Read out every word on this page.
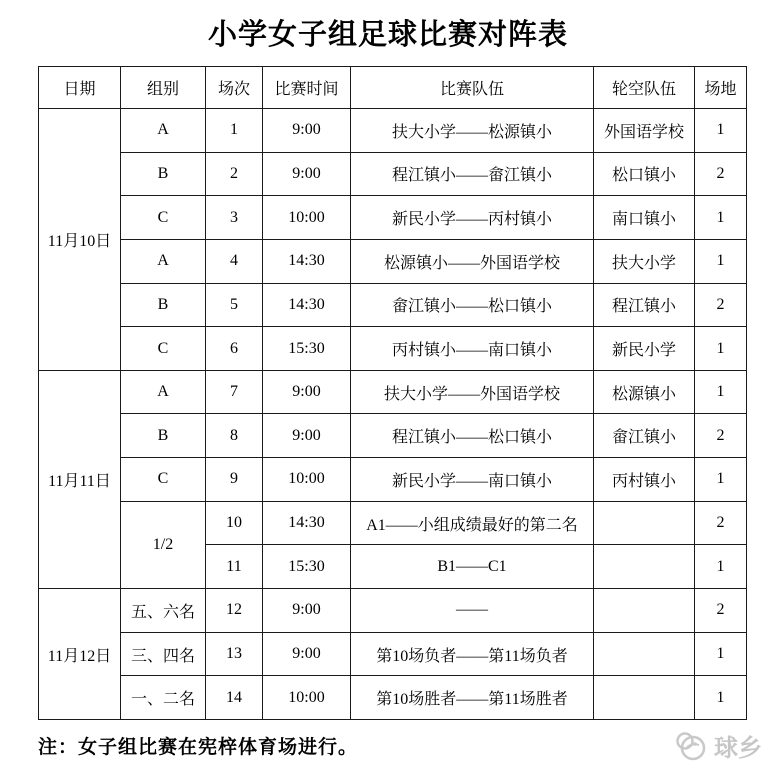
小学女子组足球比赛对阵表
日期	组别	场次	比赛时间	比赛队伍	轮空队伍	场地
11月10日	A	1	9:00	扶大小学——松源镇小	外国语学校	1
	B	2	9:00	程江镇小——畲江镇小	松口镇小	2
	C	3	10:00	新民小学——丙村镇小	南口镇小	1
	A	4	14:30	松源镇小——外国语学校	扶大小学	1
	B	5	14:30	畲江镇小——松口镇小	程江镇小	2
	C	6	15:30	丙村镇小——南口镇小	新民小学	1
11月11日	A	7	9:00	扶大小学——外国语学校	松源镇小	1
	B	8	9:00	程江镇小——松口镇小	畲江镇小	2
	C	9	10:00	新民小学——南口镇小	丙村镇小	1
	1/2	10	14:30	A1——小组成绩最好的第二名		2
		11	15:30	B1——C1		1
11月12日	五、六名	12	9:00	——		2
	三、四名	13	9:00	第10场负者——第11场负者		1
	一、二名	14	10:00	第10场胜者——第11场胜者		1

注：女子组比赛在宪梓体育场进行。	球乡
